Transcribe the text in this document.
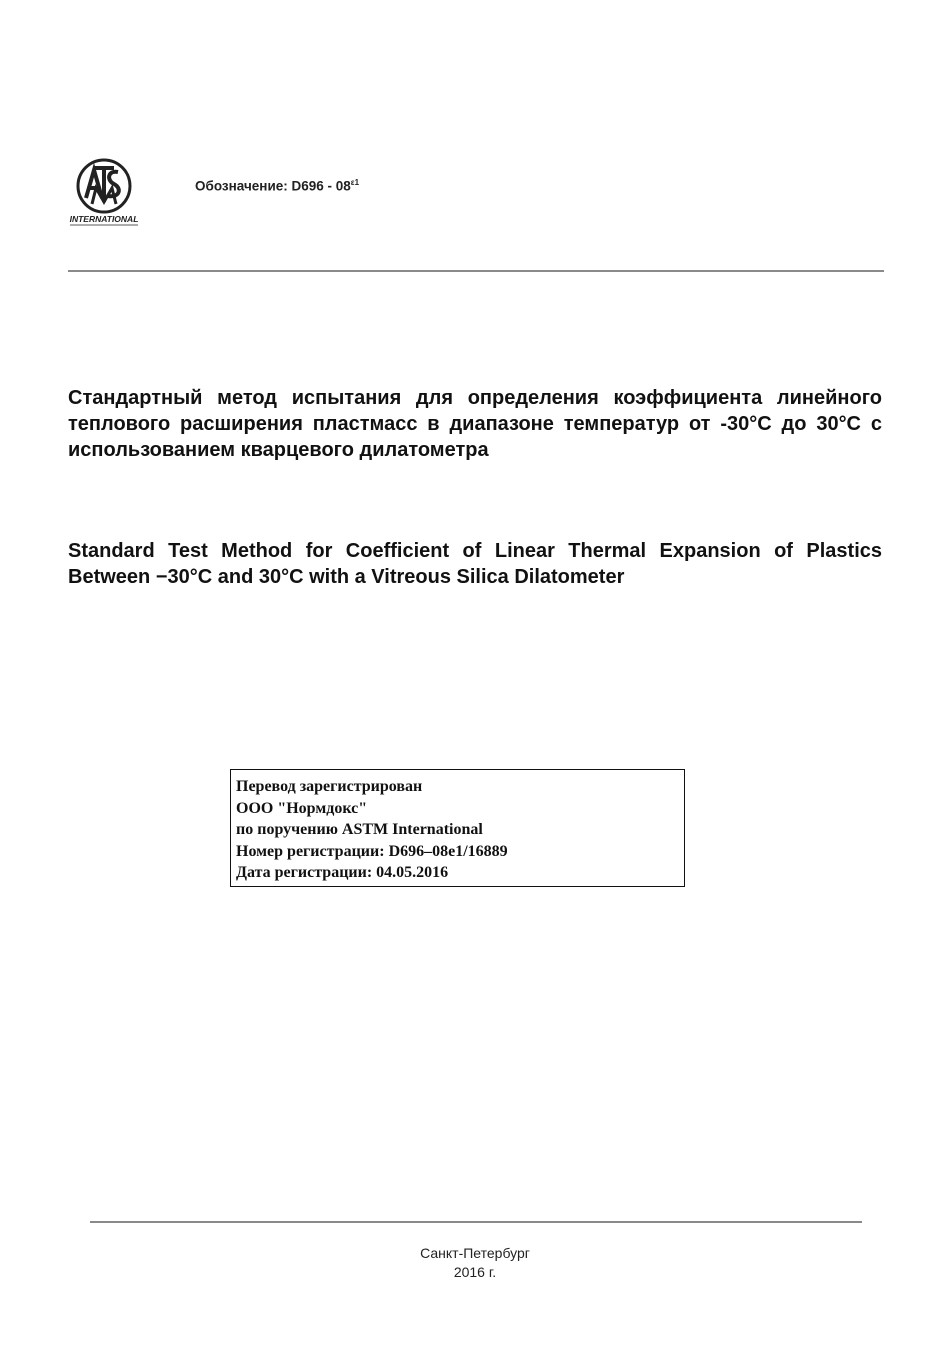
INTERNATIONAL
Обозначение: $D696 - 08^{\varepsilon 1}$
Стандартный метод испытания для определения коэффициента линейного теплового расширения пластмасс в диапазоне температур от -30°С до 30°С с использованием кварцевого дилатометра
Standard Test Method for Coefficient of Linear Thermal Expansion of Plastics Between −30°C and 30°C with a Vitreous Silica Dilatometer
Перевод зарегистрирован
ООО "Нормдокс"
по поручению ASTM International
Номер регистрации: D696–08e1/16889
Дата регистрации: 04.05.2016
Санкт-Петербург
2016 г.
